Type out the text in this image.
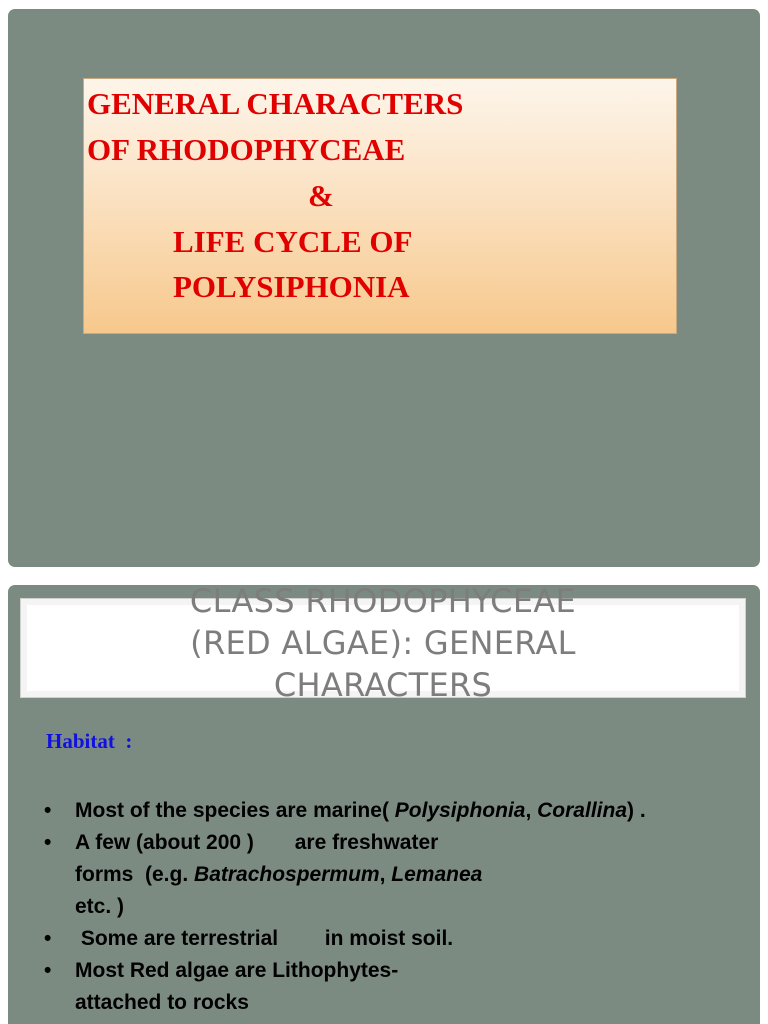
GENERAL CHARACTERS
OF RHODOPHYCEAE
&
LIFE CYCLE OF
POLYSIPHONIA
CLASS RHODOPHYCEAE
(RED ALGAE): GENERAL
CHARACTERS
Habitat  :
• Most of the species are marine( Polysiphonia, Corallina) .
• A few (about 200 )       are freshwater
forms  (e.g. Batrachospermum, Lemanea
etc. )
• Some are terrestrial        in moist soil.
• Most Red algae are Lithophytes-
attached to rocks
